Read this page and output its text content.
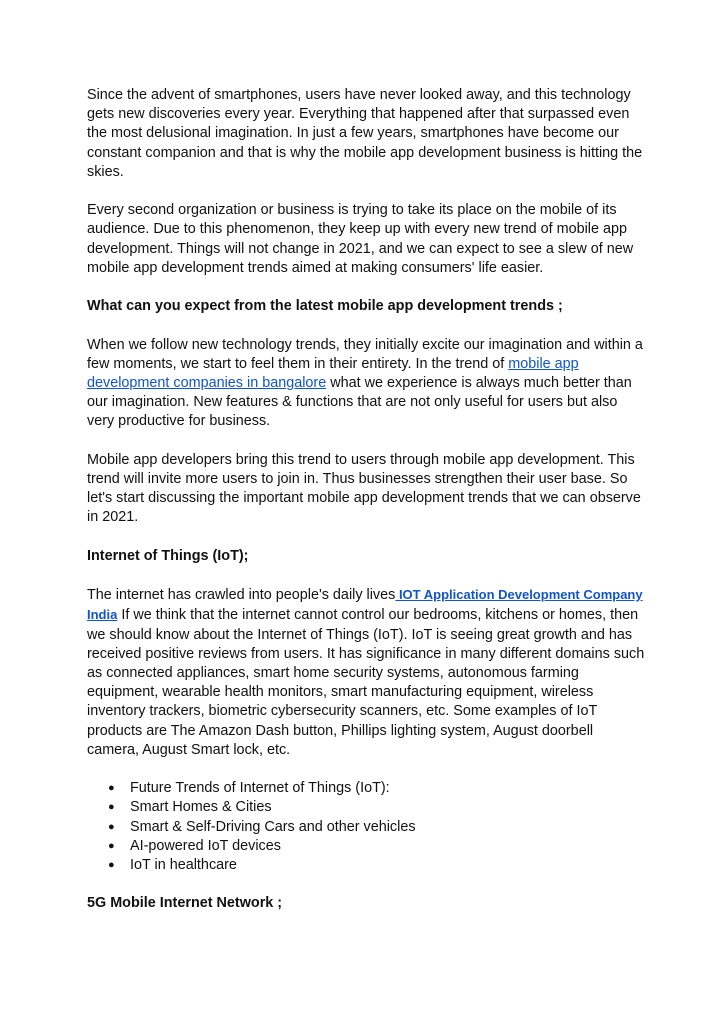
Since the advent of smartphones, users have never looked away, and this technology gets new discoveries every year. Everything that happened after that surpassed even the most delusional imagination. In just a few years, smartphones have become our constant companion and that is why the mobile app development business is hitting the skies.

Every second organization or business is trying to take its place on the mobile of its audience. Due to this phenomenon, they keep up with every new trend of mobile app development. Things will not change in 2021, and we can expect to see a slew of new mobile app development trends aimed at making consumers' life easier.

What can you expect from the latest mobile app development trends ;

When we follow new technology trends, they initially excite our imagination and within a few moments, we start to feel them in their entirety. In the trend of mobile app development companies in bangalore what we experience is always much better than our imagination. New features & functions that are not only useful for users but also very productive for business.

Mobile app developers bring this trend to users through mobile app development. This trend will invite more users to join in. Thus businesses strengthen their user base. So let's start discussing the important mobile app development trends that we can observe in 2021.

Internet of Things (IoT);

The internet has crawled into people's daily lives IOT Application Development Company India If we think that the internet cannot control our bedrooms, kitchens or homes, then we should know about the Internet of Things (IoT). IoT is seeing great growth and has received positive reviews from users. It has significance in many different domains such as connected appliances, smart home security systems, autonomous farming equipment, wearable health monitors, smart manufacturing equipment, wireless inventory trackers, biometric cybersecurity scanners, etc. Some examples of IoT products are The Amazon Dash button, Phillips lighting system, August doorbell camera, August Smart lock, etc.

● Future Trends of Internet of Things (IoT):
● Smart Homes & Cities
● Smart & Self-Driving Cars and other vehicles
● AI-powered IoT devices
● IoT in healthcare

5G Mobile Internet Network ;
